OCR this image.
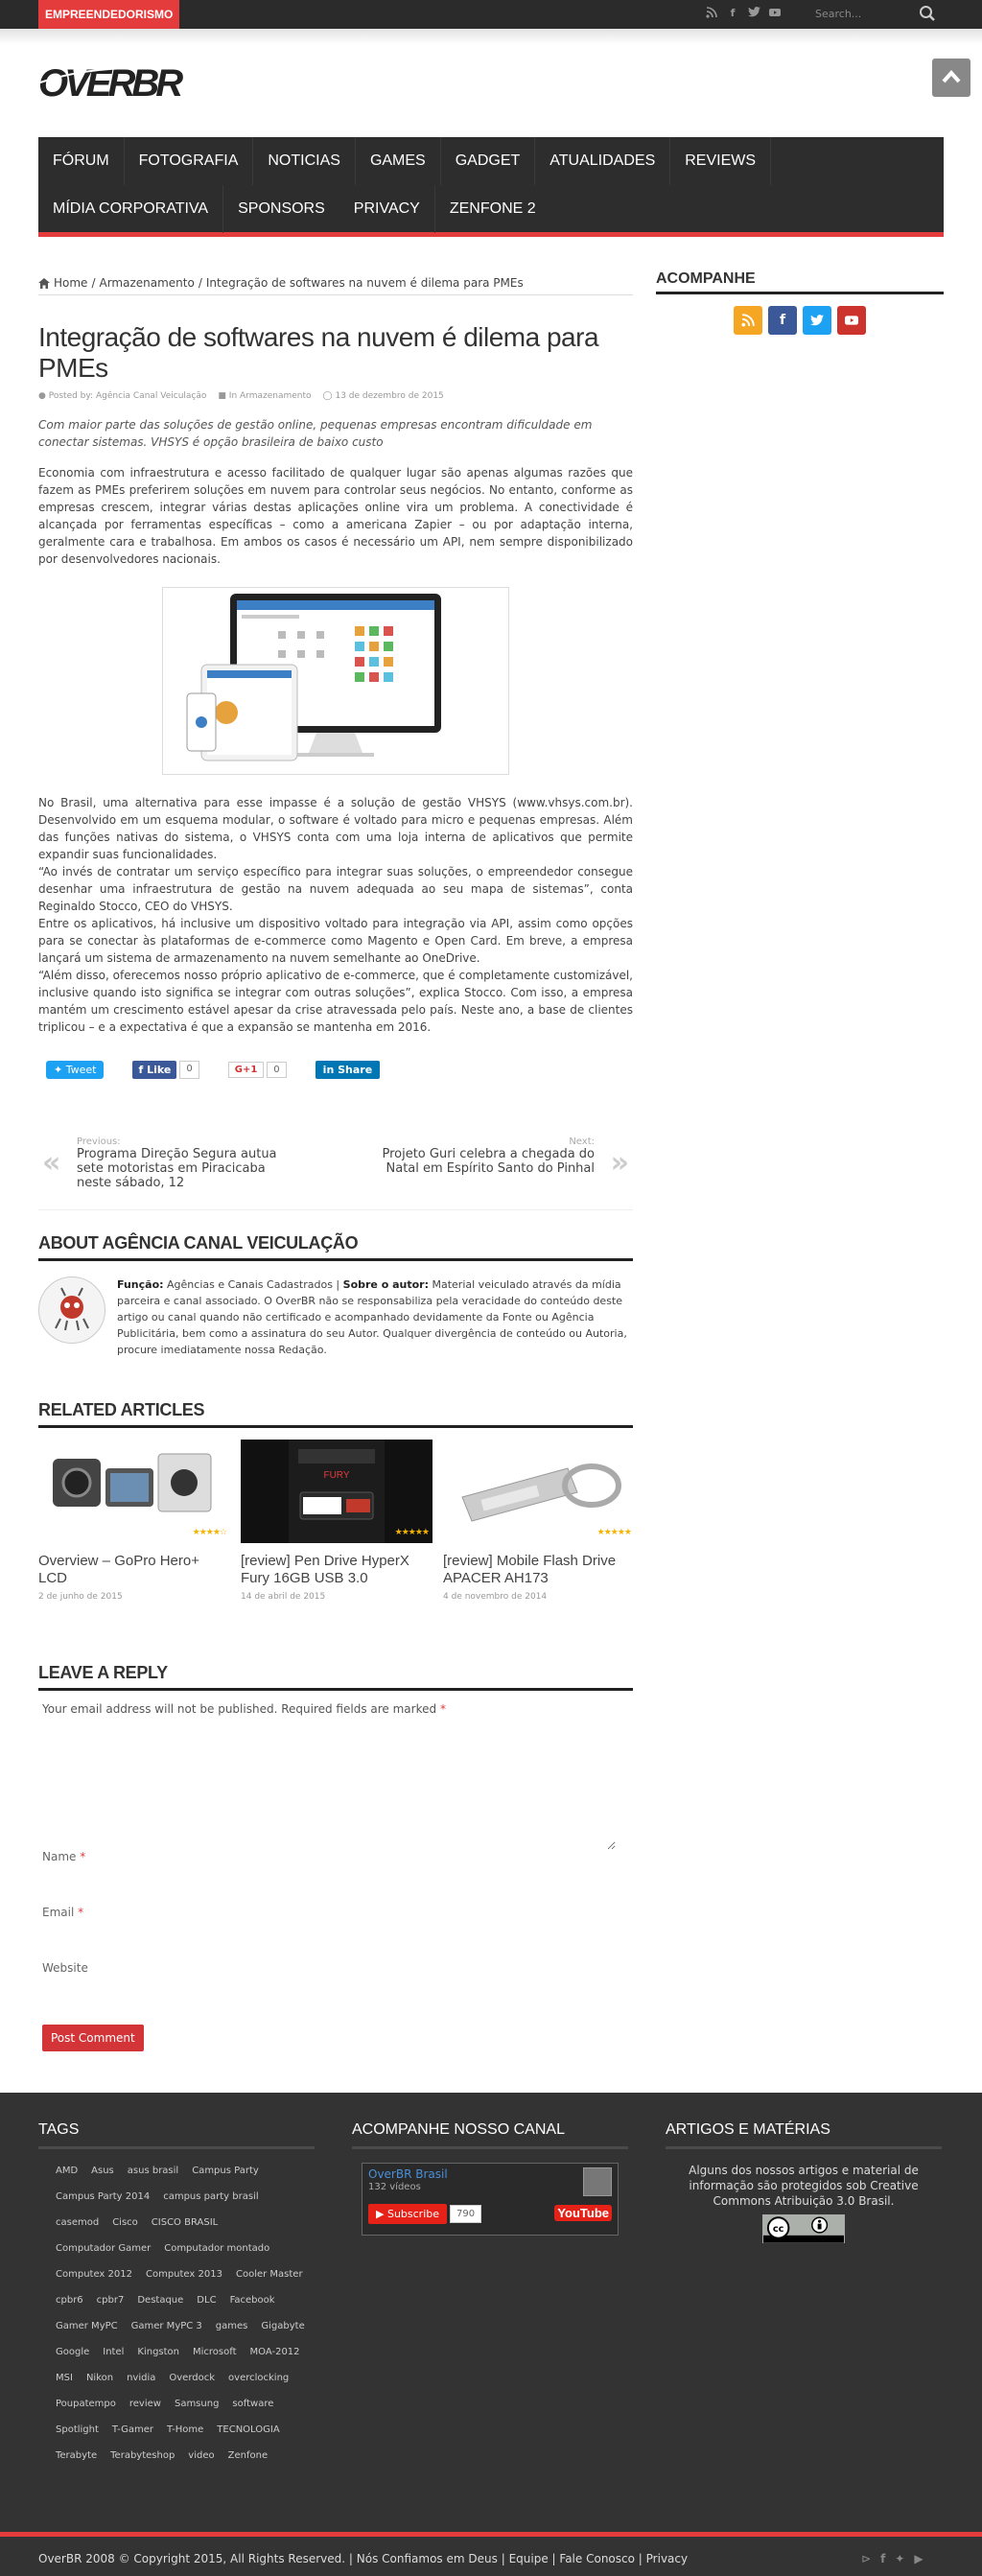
EMPREENDEDORISMO	f	Search...
OVERBR
FÓRUM	FOTOGRAFIA	NOTICIAS	GAMES	GADGET	ATUALIDADES	REVIEWS
MÍDIA CORPORATIVA	SPONSORS	PRIVACY	ZENFONE 2
Home / Armazenamento / Integração de softwares na nuvem é dilema para PMEs
Integração de softwares na nuvem é dilema para PMEs
● Posted by: Agência Canal Veiculação ■ In Armazenamento ◯ 13 de dezembro de 2015

Com maior parte das soluções de gestão online, pequenas empresas encontram dificuldade em conectar sistemas. VHSYS é opção brasileira de baixo custo

Economia com infraestrutura e acesso facilitado de qualquer lugar são apenas algumas razões que fazem as PMEs preferirem soluções em nuvem para controlar seus negócios. No entanto, conforme as empresas crescem, integrar várias destas aplicações online vira um problema. A conectividade é alcançada por ferramentas específicas – como a americana Zapier – ou por adaptação interna, geralmente cara e trabalhosa. Em ambos os casos é necessário um API, nem sempre disponibilizado por desenvolvedores nacionais.

No Brasil, uma alternativa para esse impasse é a solução de gestão VHSYS (www.vhsys.com.br). Desenvolvido em um esquema modular, o software é voltado para micro e pequenas empresas. Além das funções nativas do sistema, o VHSYS conta com uma loja interna de aplicativos que permite expandir suas funcionalidades.

“Ao invés de contratar um serviço específico para integrar suas soluções, o empreendedor consegue desenhar uma infraestrutura de gestão na nuvem adequada ao seu mapa de sistemas”, conta Reginaldo Stocco, CEO do VHSYS.

Entre os aplicativos, há inclusive um dispositivo voltado para integração via API, assim como opções para se conectar às plataformas de e-commerce como Magento e Open Card. Em breve, a empresa lançará um sistema de armazenamento na nuvem semelhante ao OneDrive.

“Além disso, oferecemos nosso próprio aplicativo de e-commerce, que é completamente customizável, inclusive quando isto significa se integrar com outras soluções”, explica Stocco. Com isso, a empresa mantém um crescimento estável apesar da crise atravessada pelo país. Neste ano, a base de clientes triplicou – e a expectativa é que a expansão se mantenha em 2016.

✦ Tweet	f Like	0	G+1	0	in Share
«
Previous:
Programa Direção Segura autua sete motoristas em Piracicaba neste sábado, 12
»
Next:
Projeto Guri celebra a chegada do Natal em Espírito Santo do Pinhal
ABOUT AGÊNCIA CANAL VEICULAÇÃO
Função: Agências e Canais Cadastrados | Sobre o autor: Material veiculado através da mídia parceira e canal associado. O OverBR não se responsabiliza pela veracidade do conteúdo deste artigo ou canal quando não certificado e acompanhado devidamente da Fonte ou Agência Publicitária, bem como a assinatura do seu Autor. Qualquer divergência de conteúdo ou Autoria, procure imediatamente nossa Redação.
RELATED ARTICLES
★★★★☆
Overview – GoPro Hero+ LCD
2 de junho de 2015
FURY
★★★★★
[review] Pen Drive HyperX Fury 16GB USB 3.0
14 de abril de 2015
★★★★★
[review] Mobile Flash Drive APACER AH173
4 de novembro de 2014
LEAVE A REPLY
Your email address will not be published. Required fields are marked *
Name *
Email *
Website
Post Comment
ACOMPANHE
f
TAGS
AMD	Asus	asus brasil	Campus Party
Campus Party 2014	campus party brasil
casemod	Cisco	CISCO BRASIL
Computador Gamer	Computador montado
Computex 2012	Computex 2013	Cooler Master
cpbr6	cpbr7	Destaque	DLC	Facebook
Gamer MyPC	Gamer MyPC 3	games	Gigabyte
Google	Intel	Kingston	Microsoft	MOA-2012
MSI	Nikon	nvidia	Overdock	overclocking
Poupatempo	review	Samsung	software
Spotlight	T-Gamer	T-Home	TECNOLOGIA
Terabyte	Terabyteshop	video	Zenfone
ACOMPANHE NOSSO CANAL
OverBR Brasil
132 vídeos
▶ Subscribe	790	YouTube
ARTIGOS E MATÉRIAS
Alguns dos nossos artigos e material de informação são protegidos sob Creative Commons Atribuição 3.0 Brasil.
cc
OverBR 2008 © Copyright 2015, All Rights Reserved. | Nós Confiamos em Deus | Equipe | Fale Conosco | Privacy	⊳ f ✦ ▶
